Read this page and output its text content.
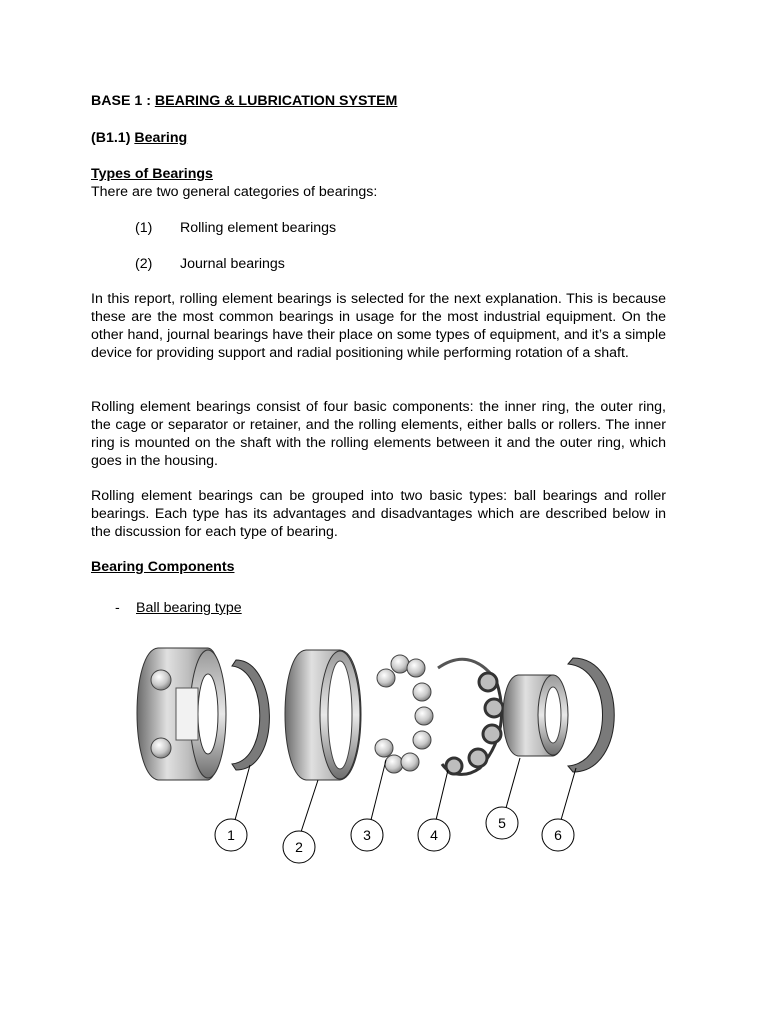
BASE 1 : BEARING & LUBRICATION SYSTEM

(B1.1) Bearing

Types of Bearings

There are two general categories of bearings:

(1) Rolling element bearings
(2) Journal bearings

In this report, rolling element bearings is selected for the next explanation. This is because these are the most common bearings in usage for the most industrial equipment. On the other hand, journal bearings have their place on some types of equipment, and it’s a simple device for providing support and radial positioning while performing rotation of a shaft.

Rolling element bearings consist of four basic components: the inner ring, the outer ring, the cage or separator or retainer, and the rolling elements, either balls or rollers. The inner ring is mounted on the shaft with the rolling elements between it and the outer ring, which goes in the housing.

Rolling element bearings can be grouped into two basic types: ball bearings and roller bearings. Each type has its advantages and disadvantages which are described below in the discussion for each type of bearing.

Bearing Components

- Ball bearing type
1
2
3	4
5
6
